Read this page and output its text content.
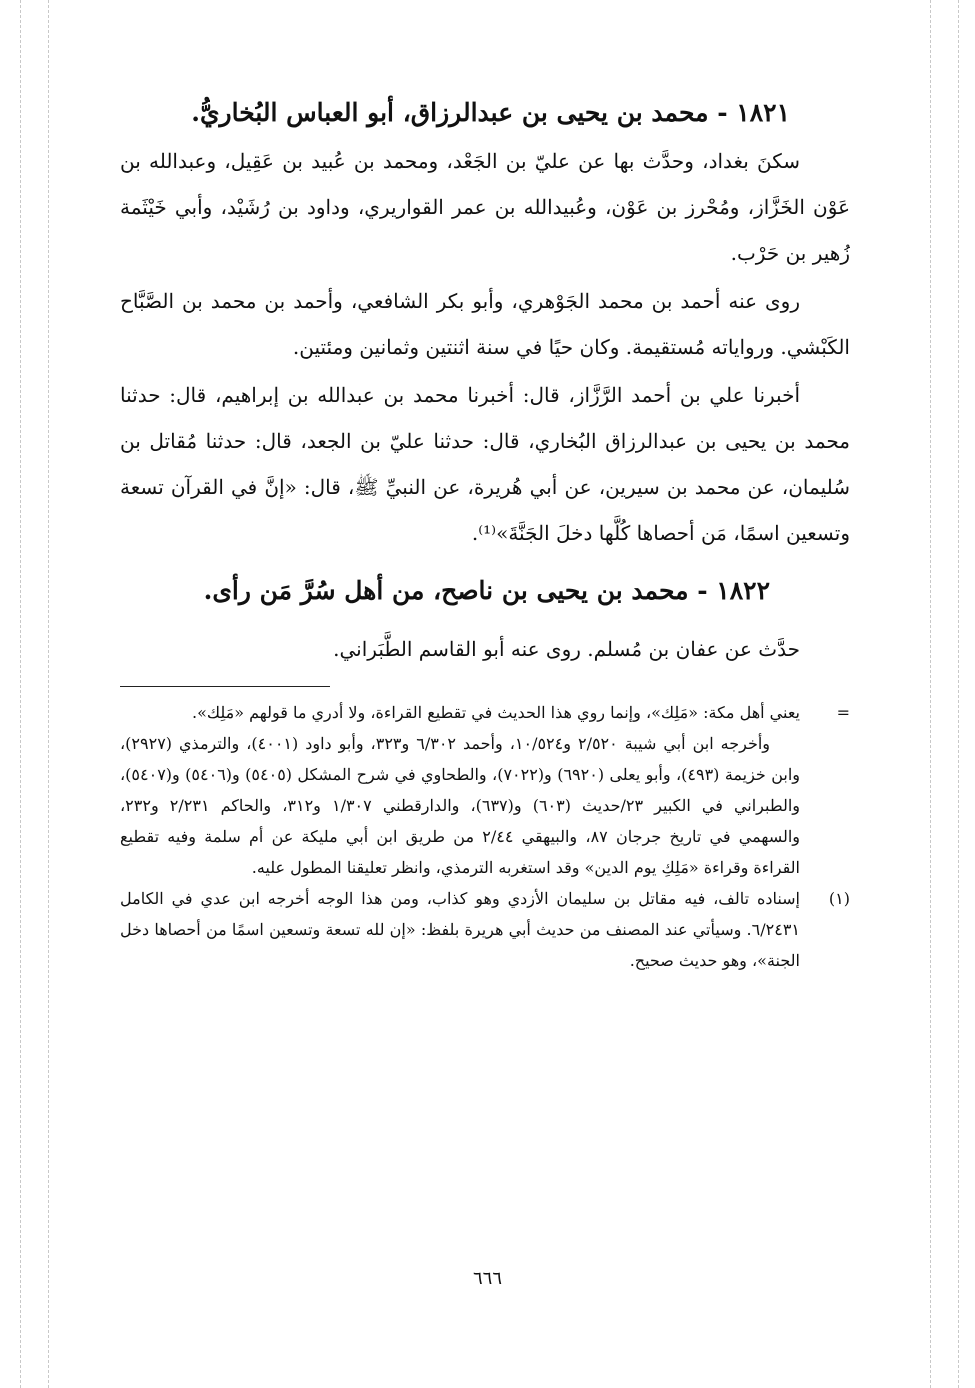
١٨٢١ - محمد بن يحيى بن عبدالرزاق، أبو العباس البُخاريُّ.

سكنَ بغداد، وحدَّث بها عن عليّ بن الجَعْد، ومحمد بن عُبيد بن عَقِيل، وعبدالله بن عَوْن الخَزَّاز، ومُحْرز بن عَوْن، وعُبيدالله بن عمر القواريري، وداود بن رُشَيْد، وأبي خَيْثَمة زُهير بن حَرْب.

روى عنه أحمد بن محمد الجَوْهري، وأبو بكر الشافعي، وأحمد بن محمد بن الصَّبَّاح الكَبْشي. ورواياته مُستقيمة. وكان حيًا في سنة اثنتين وثمانين ومئتين.

أخبرنا علي بن أحمد الرَّزَّاز، قال: أخبرنا محمد بن عبدالله بن إبراهيم، قال: حدثنا محمد بن يحيى بن عبدالرزاق البُخاري، قال: حدثنا عليّ بن الجعد، قال: حدثنا مُقاتل بن سُليمان، عن محمد بن سيرين، عن أبي هُريرة، عن النبيِّ ﷺ، قال: «إنَّ في القرآن تسعة وتسعين اسمًا، مَن أحصاها كُلَّها دخلَ الجَنَّةَ»⁽¹⁾.

١٨٢٢ - محمد بن يحيى بن ناصح، من أهل سُرَّ مَن رأى.

حدَّث عن عفان بن مُسلم. روى عنه أبو القاسم الطَّبَراني.

=
يعني أهل مكة: «مَلِك»، وإنما روي هذا الحديث في تقطيع القراءة، ولا أدري ما قولهم «مَلِك».

وأخرجه ابن أبي شيبة ٢/٥٢٠ و١٠/٥٢٤، وأحمد ٦/٣٠٢ و٣٢٣، وأبو داود (٤٠٠١)، والترمذي (٢٩٢٧)، وابن خزيمة (٤٩٣)، وأبو يعلى (٦٩٢٠) و(٧٠٢٢)، والطحاوي في شرح المشكل (٥٤٠٥) و(٥٤٠٦) و(٥٤٠٧)، والطبراني في الكبير ٢٣/حديث (٦٠٣) و(٦٣٧)، والدارقطني ١/٣٠٧ و٣١٢، والحاكم ٢/٢٣١ و٢٣٢، والسهمي في تاريخ جرجان ٨٧، والبيهقي ٢/٤٤ من طريق ابن أبي مليكة عن أم سلمة وفيه تقطيع القراءة وقراءة «مَلِكِ يوم الدين» وقد استغربه الترمذي، وانظر تعليقنا المطول عليه.

(١)
إسناده تالف، فيه مقاتل بن سليمان الأزدي وهو كذاب، ومن هذا الوجه أخرجه ابن عدي في الكامل ٦/٢٤٣١. وسيأتي عند المصنف من حديث أبي هريرة بلفظ: «إن لله تسعة وتسعين اسمًا من أحصاها دخل الجنة»، وهو حديث صحيح.

٦٦٦
